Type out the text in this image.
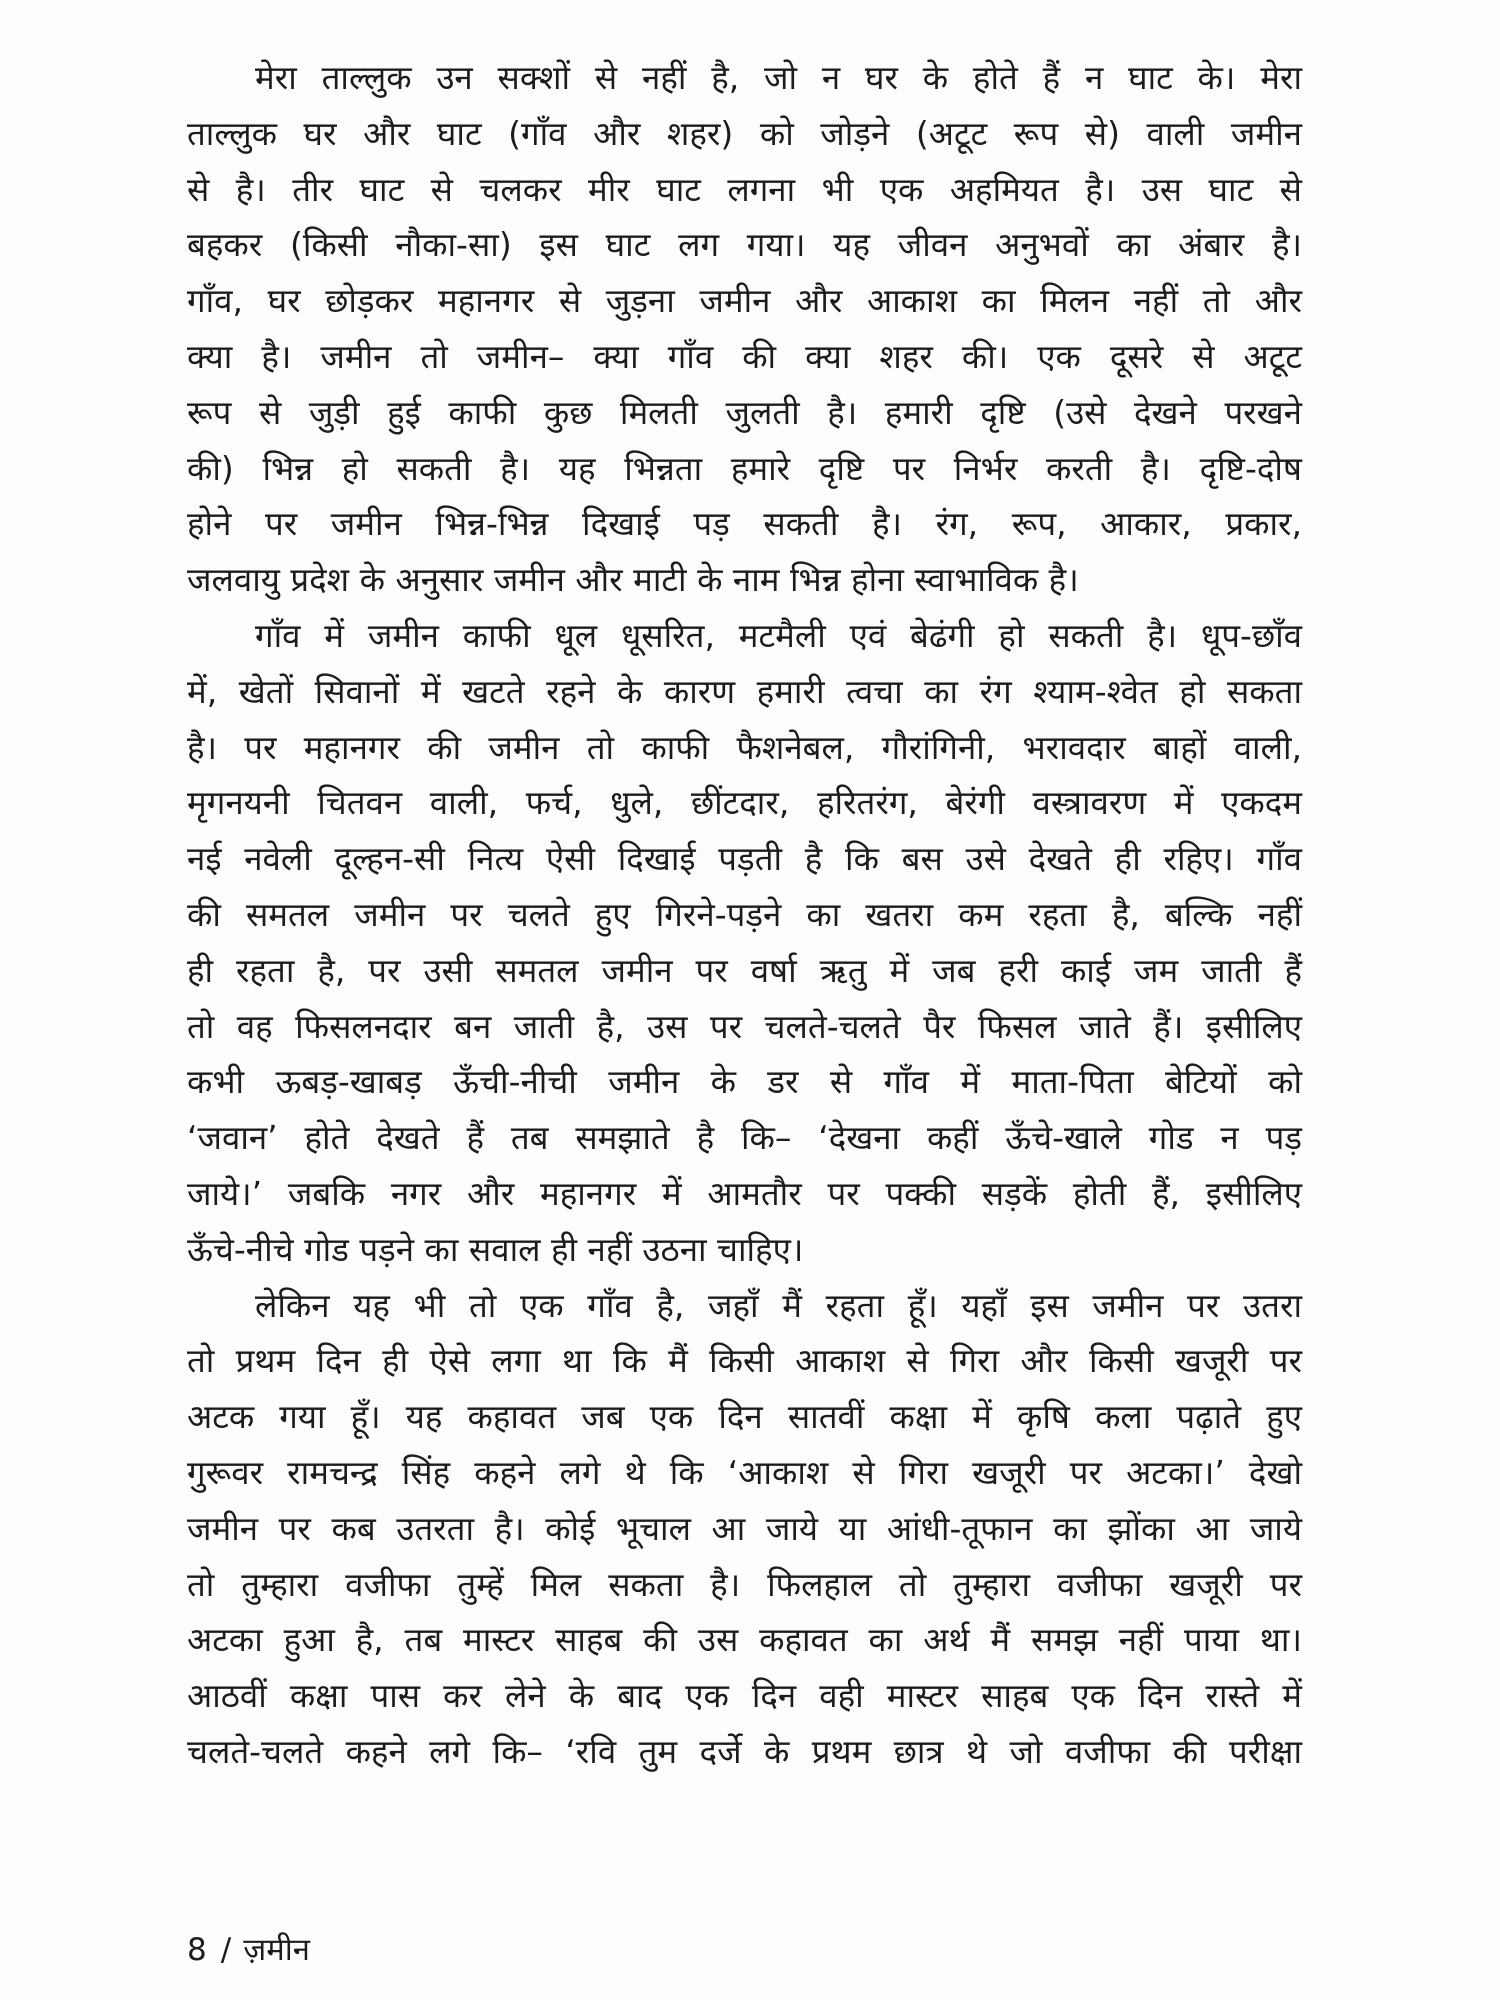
मेरा ताल्लुक उन सक्शों से नहीं है, जो न घर के होते हैं न घाट के। मेरा
ताल्लुक घर और घाट (गाँव और शहर) को जोड़ने (अटूट रूप से) वाली जमीन
से है। तीर घाट से चलकर मीर घाट लगना भी एक अहमियत है। उस घाट से
बहकर (किसी नौका-सा) इस घाट लग गया। यह जीवन अनुभवों का अंबार है।
गाँव, घर छोड़कर महानगर से जुड़ना जमीन और आकाश का मिलन नहीं तो और
क्या है। जमीन तो जमीन– क्या गाँव की क्या शहर की। एक दूसरे से अटूट
रूप से जुड़ी हुई काफी कुछ मिलती जुलती है। हमारी दृष्टि (उसे देखने परखने
की) भिन्न हो सकती है। यह भिन्नता हमारे दृष्टि पर निर्भर करती है। दृष्टि-दोष
होने पर जमीन भिन्न-भिन्न दिखाई पड़ सकती है। रंग, रूप, आकार, प्रकार,
जलवायु प्रदेश के अनुसार जमीन और माटी के नाम भिन्न होना स्वाभाविक है।
गाँव में जमीन काफी धूल धूसरित, मटमैली एवं बेढंगी हो सकती है। धूप-छाँव
में, खेतों सिवानों में खटते रहने के कारण हमारी त्वचा का रंग श्याम-श्वेत हो सकता
है। पर महानगर की जमीन तो काफी फैशनेबल, गौरांगिनी, भरावदार बाहों वाली,
मृगनयनी चितवन वाली, फर्च, धुले, छींटदार, हरितरंग, बेरंगी वस्त्रावरण में एकदम
नई नवेली दूल्हन-सी नित्य ऐसी दिखाई पड़ती है कि बस उसे देखते ही रहिए। गाँव
की समतल जमीन पर चलते हुए गिरने-पड़ने का खतरा कम रहता है, बल्कि नहीं
ही रहता है, पर उसी समतल जमीन पर वर्षा ऋतु में जब हरी काई जम जाती हैं
तो वह फिसलनदार बन जाती है, उस पर चलते-चलते पैर फिसल जाते हैं। इसीलिए
कभी ऊबड़-खाबड़ ऊँची-नीची जमीन के डर से गाँव में माता-पिता बेटियों को
‘जवान’ होते देखते हैं तब समझाते है कि– ‘देखना कहीं ऊँचे-खाले गोड न पड़
जाये।’ जबकि नगर और महानगर में आमतौर पर पक्की सड़कें होती हैं, इसीलिए
ऊँचे-नीचे गोड पड़ने का सवाल ही नहीं उठना चाहिए।
लेकिन यह भी तो एक गाँव है, जहाँ मैं रहता हूँ। यहाँ इस जमीन पर उतरा
तो प्रथम दिन ही ऐसे लगा था कि मैं किसी आकाश से गिरा और किसी खजूरी पर
अटक गया हूँ। यह कहावत जब एक दिन सातवीं कक्षा में कृषि कला पढ़ाते हुए
गुरूवर रामचन्द्र सिंह कहने लगे थे कि ‘आकाश से गिरा खजूरी पर अटका।’ देखो
जमीन पर कब उतरता है। कोई भूचाल आ जाये या आंधी-तूफान का झोंका आ जाये
तो तुम्हारा वजीफा तुम्हें मिल सकता है। फिलहाल तो तुम्हारा वजीफा खजूरी पर
अटका हुआ है, तब मास्टर साहब की उस कहावत का अर्थ मैं समझ नहीं पाया था।
आठवीं कक्षा पास कर लेने के बाद एक दिन वही मास्टर साहब एक दिन रास्ते में
चलते-चलते कहने लगे कि– ‘रवि तुम दर्जे के प्रथम छात्र थे जो वजीफा की परीक्षा
8 / ज़मीन
